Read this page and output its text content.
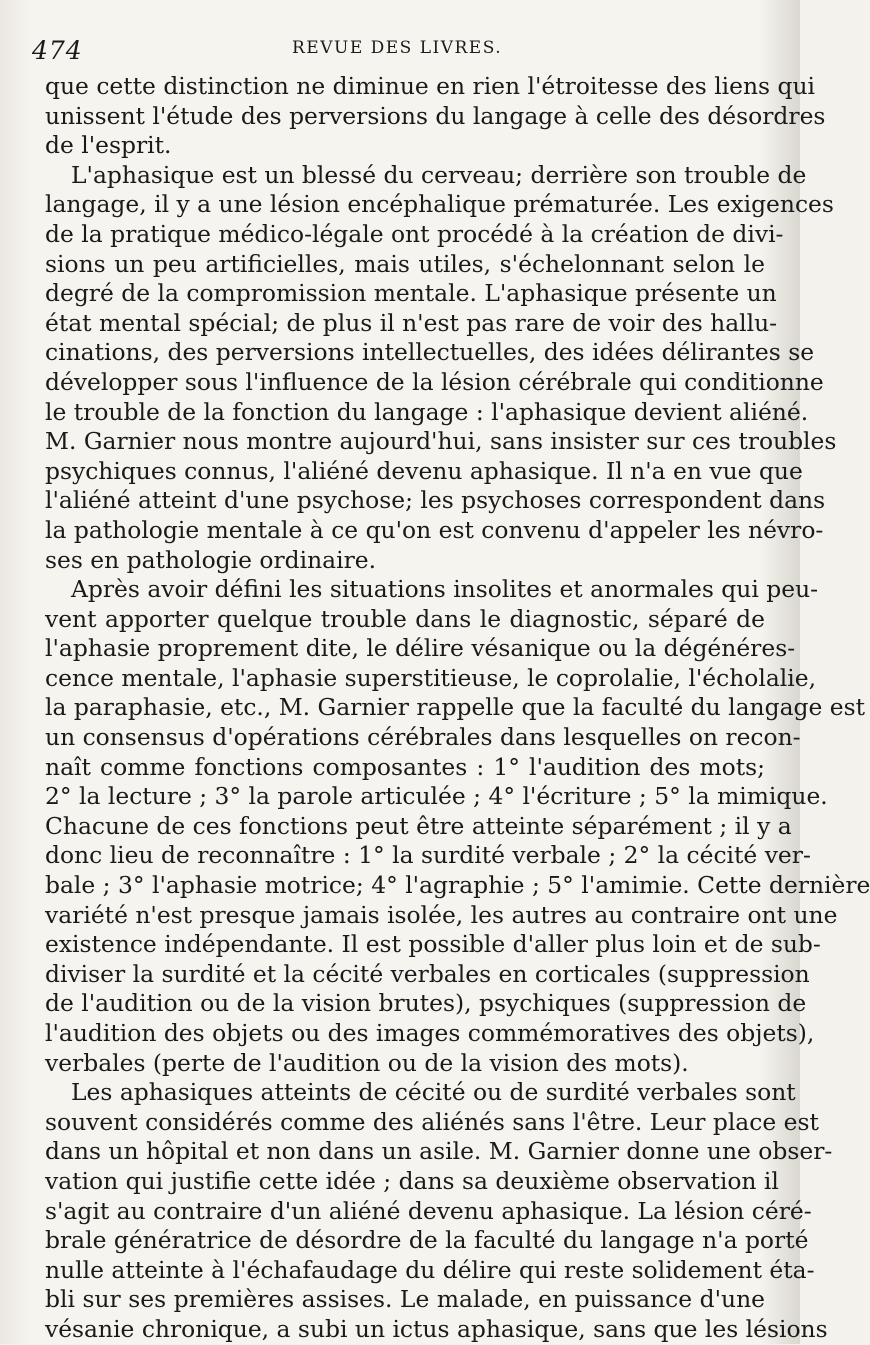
474	REVUE DES LIVRES.
que cette distinction ne diminue en rien l'étroitesse des liens qui
unissent l'étude des perversions du langage à celle des désordres
de l'esprit.
L'aphasique est un blessé du cerveau; derrière son trouble de
langage, il y a une lésion encéphalique prématurée. Les exigences
de la pratique médico-légale ont procédé à la création de divi-
sions un peu artificielles, mais utiles, s'échelonnant selon le
degré de la compromission mentale. L'aphasique présente un
état mental spécial; de plus il n'est pas rare de voir des hallu-
cinations, des perversions intellectuelles, des idées délirantes se
développer sous l'influence de la lésion cérébrale qui conditionne
le trouble de la fonction du langage : l'aphasique devient aliéné.
M. Garnier nous montre aujourd'hui, sans insister sur ces troubles
psychiques connus, l'aliéné devenu aphasique. Il n'a en vue que
l'aliéné atteint d'une psychose; les psychoses correspondent dans
la pathologie mentale à ce qu'on est convenu d'appeler les névro-
ses en pathologie ordinaire.
Après avoir défini les situations insolites et anormales qui peu-
vent apporter quelque trouble dans le diagnostic, séparé de
l'aphasie proprement dite, le délire vésanique ou la dégénéres-
cence mentale, l'aphasie superstitieuse, le coprolalie, l'écholalie,
la paraphasie, etc., M. Garnier rappelle que la faculté du langage est
un consensus d'opérations cérébrales dans lesquelles on recon-
naît comme fonctions composantes : 1° l'audition des mots;
2° la lecture ; 3° la parole articulée ; 4° l'écriture ; 5° la mimique.
Chacune de ces fonctions peut être atteinte séparément ; il y a
donc lieu de reconnaître : 1° la surdité verbale ; 2° la cécité ver-
bale ; 3° l'aphasie motrice; 4° l'agraphie ; 5° l'amimie. Cette dernière
variété n'est presque jamais isolée, les autres au contraire ont une
existence indépendante. Il est possible d'aller plus loin et de sub-
diviser la surdité et la cécité verbales en corticales (suppression
de l'audition ou de la vision brutes), psychiques (suppression de
l'audition des objets ou des images commémoratives des objets),
verbales (perte de l'audition ou de la vision des mots).
Les aphasiques atteints de cécité ou de surdité verbales sont
souvent considérés comme des aliénés sans l'être. Leur place est
dans un hôpital et non dans un asile. M. Garnier donne une obser-
vation qui justifie cette idée ; dans sa deuxième observation il
s'agit au contraire d'un aliéné devenu aphasique. La lésion céré-
brale génératrice de désordre de la faculté du langage n'a porté
nulle atteinte à l'échafaudage du délire qui reste solidement éta-
bli sur ses premières assises. Le malade, en puissance d'une
vésanie chronique, a subi un ictus aphasique, sans que les lésions
